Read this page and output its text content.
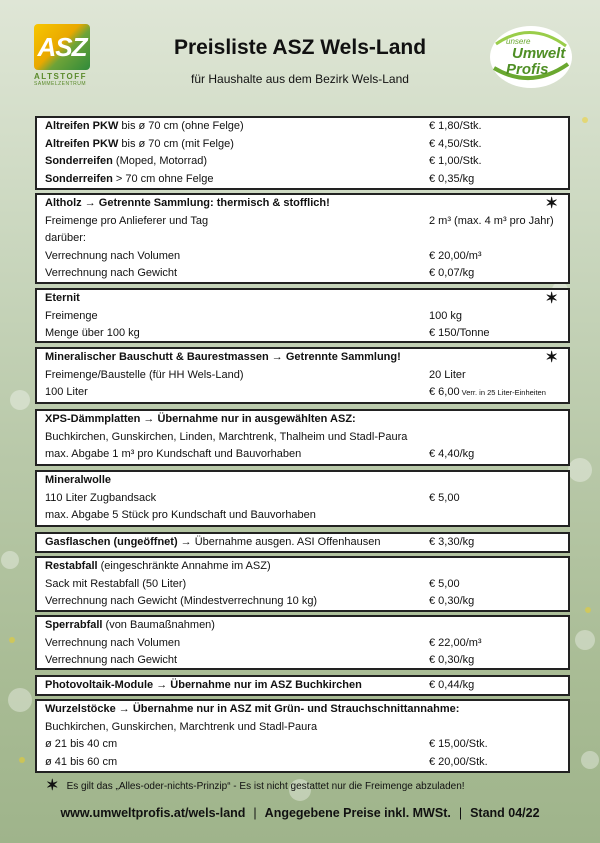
ASZ
ALTSTOFF
SAMMELZENTRUM
Preisliste ASZ Wels-Land
für Haushalte aus dem Bezirk Wels-Land
unsere
Umwelt
Profis
Altreifen PKW bis ø 70 cm (ohne Felge)	€ 1,80/Stk.
Altreifen PKW bis ø 70 cm (mit Felge)	€ 4,50/Stk.
Sonderreifen (Moped, Motorrad)	€ 1,00/Stk.
Sonderreifen > 70 cm ohne Felge	€ 0,35/kg
Altholz → Getrennte Sammlung: thermisch & stofflich!	✶
Freimenge pro Anlieferer und Tag	2 m³ (max. 4 m³ pro Jahr)
darüber:
Verrechnung nach Volumen	€ 20,00/m³
Verrechnung nach Gewicht	€ 0,07/kg
Eternit	✶
Freimenge	100 kg
Menge über 100 kg	€ 150/Tonne
Mineralischer Bauschutt & Baurestmassen → Getrennte Sammlung!	✶
Freimenge/Baustelle (für HH Wels-Land)	20 Liter
100 Liter	€ 6,00 Verr. in 25 Liter-Einheiten
XPS-Dämmplatten → Übernahme nur in ausgewählten ASZ:
Buchkirchen, Gunskirchen, Linden, Marchtrenk, Thalheim und Stadl-Paura
max. Abgabe 1 m³ pro Kundschaft und Bauvorhaben	€ 4,40/kg
Mineralwolle
110 Liter Zugbandsack	€ 5,00
max. Abgabe 5 Stück pro Kundschaft und Bauvorhaben
Gasflaschen (ungeöffnet) → Übernahme ausgen. ASI Offenhausen	€ 3,30/kg
Restabfall (eingeschränkte Annahme im ASZ)
Sack mit Restabfall (50 Liter)	€ 5,00
Verrechnung nach Gewicht (Mindestverrechnung 10 kg)	€ 0,30/kg
Sperrabfall (von Baumaßnahmen)
Verrechnung nach Volumen	€ 22,00/m³
Verrechnung nach Gewicht	€ 0,30/kg
Photovoltaik-Module → Übernahme nur im ASZ Buchkirchen	€ 0,44/kg
Wurzelstöcke → Übernahme nur in ASZ mit Grün- und Strauchschnittannahme:
Buchkirchen, Gunskirchen, Marchtrenk und Stadl-Paura
ø 21 bis 40 cm	€ 15,00/Stk.
ø 41 bis 60 cm	€ 20,00/Stk.
✶ Es gilt das „Alles-oder-nichts-Prinzip“ - Es ist nicht gestattet nur die Freimenge abzuladen!
www.umweltprofis.at/wels-land | Angegebene Preise inkl. MWSt. | Stand 04/22
